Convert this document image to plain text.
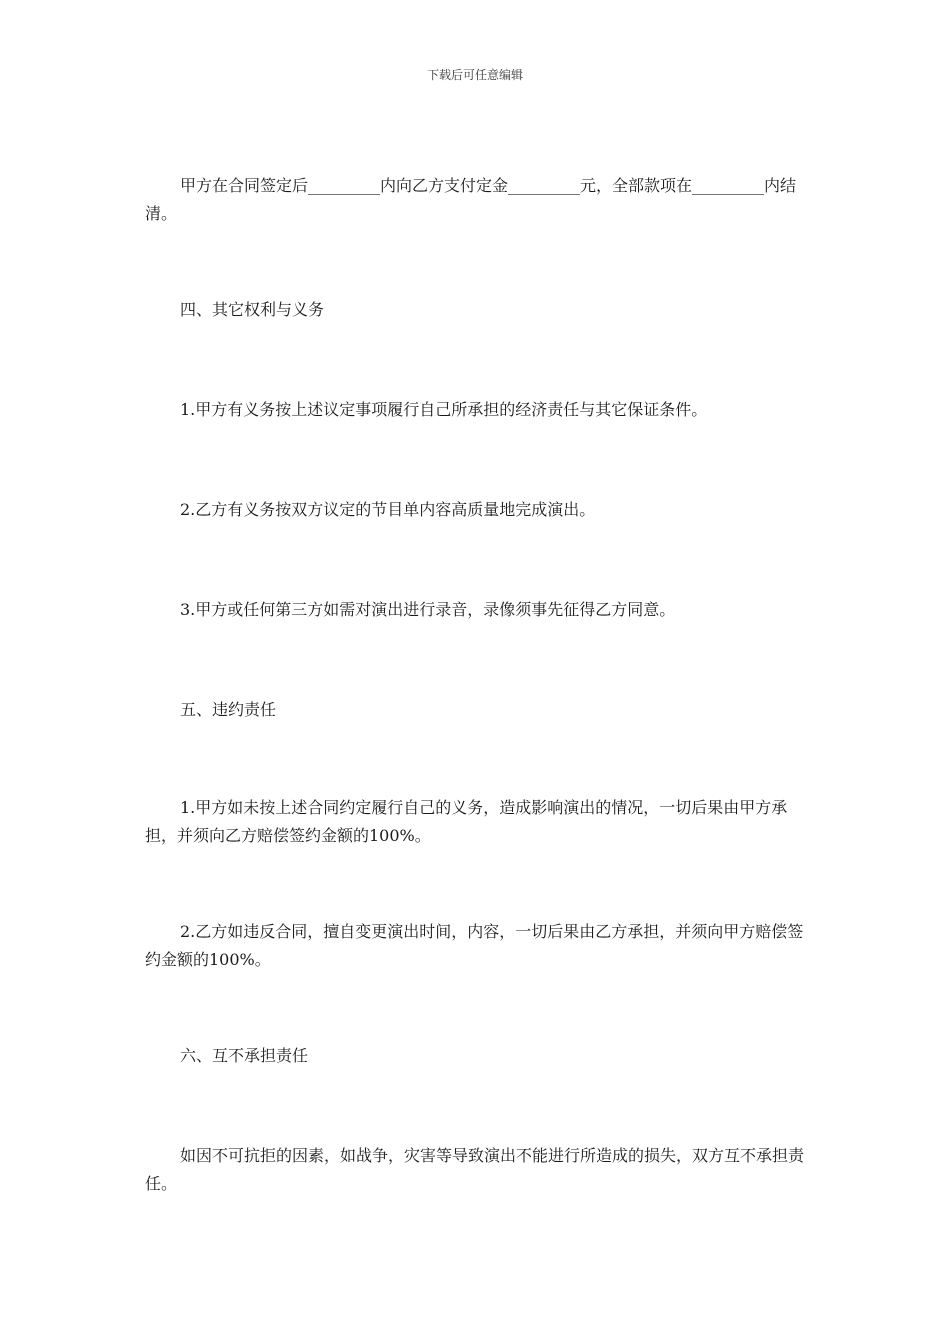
下载后可任意编辑

甲方在合同签定后_________内向乙方支付定金_________元，全部款项在_________内结清。

四、其它权利与义务

1.甲方有义务按上述议定事项履行自己所承担的经济责任与其它保证条件。

2.乙方有义务按双方议定的节目单内容高质量地完成演出。

3.甲方或任何第三方如需对演出进行录音，录像须事先征得乙方同意。

五、违约责任

1.甲方如未按上述合同约定履行自己的义务，造成影响演出的情况，一切后果由甲方承担，并须向乙方赔偿签约金额的100%。

2.乙方如违反合同，擅自变更演出时间，内容，一切后果由乙方承担，并须向甲方赔偿签约金额的100%。

六、互不承担责任

如因不可抗拒的因素，如战争，灾害等导致演出不能进行所造成的损失，双方互不承担责任。
